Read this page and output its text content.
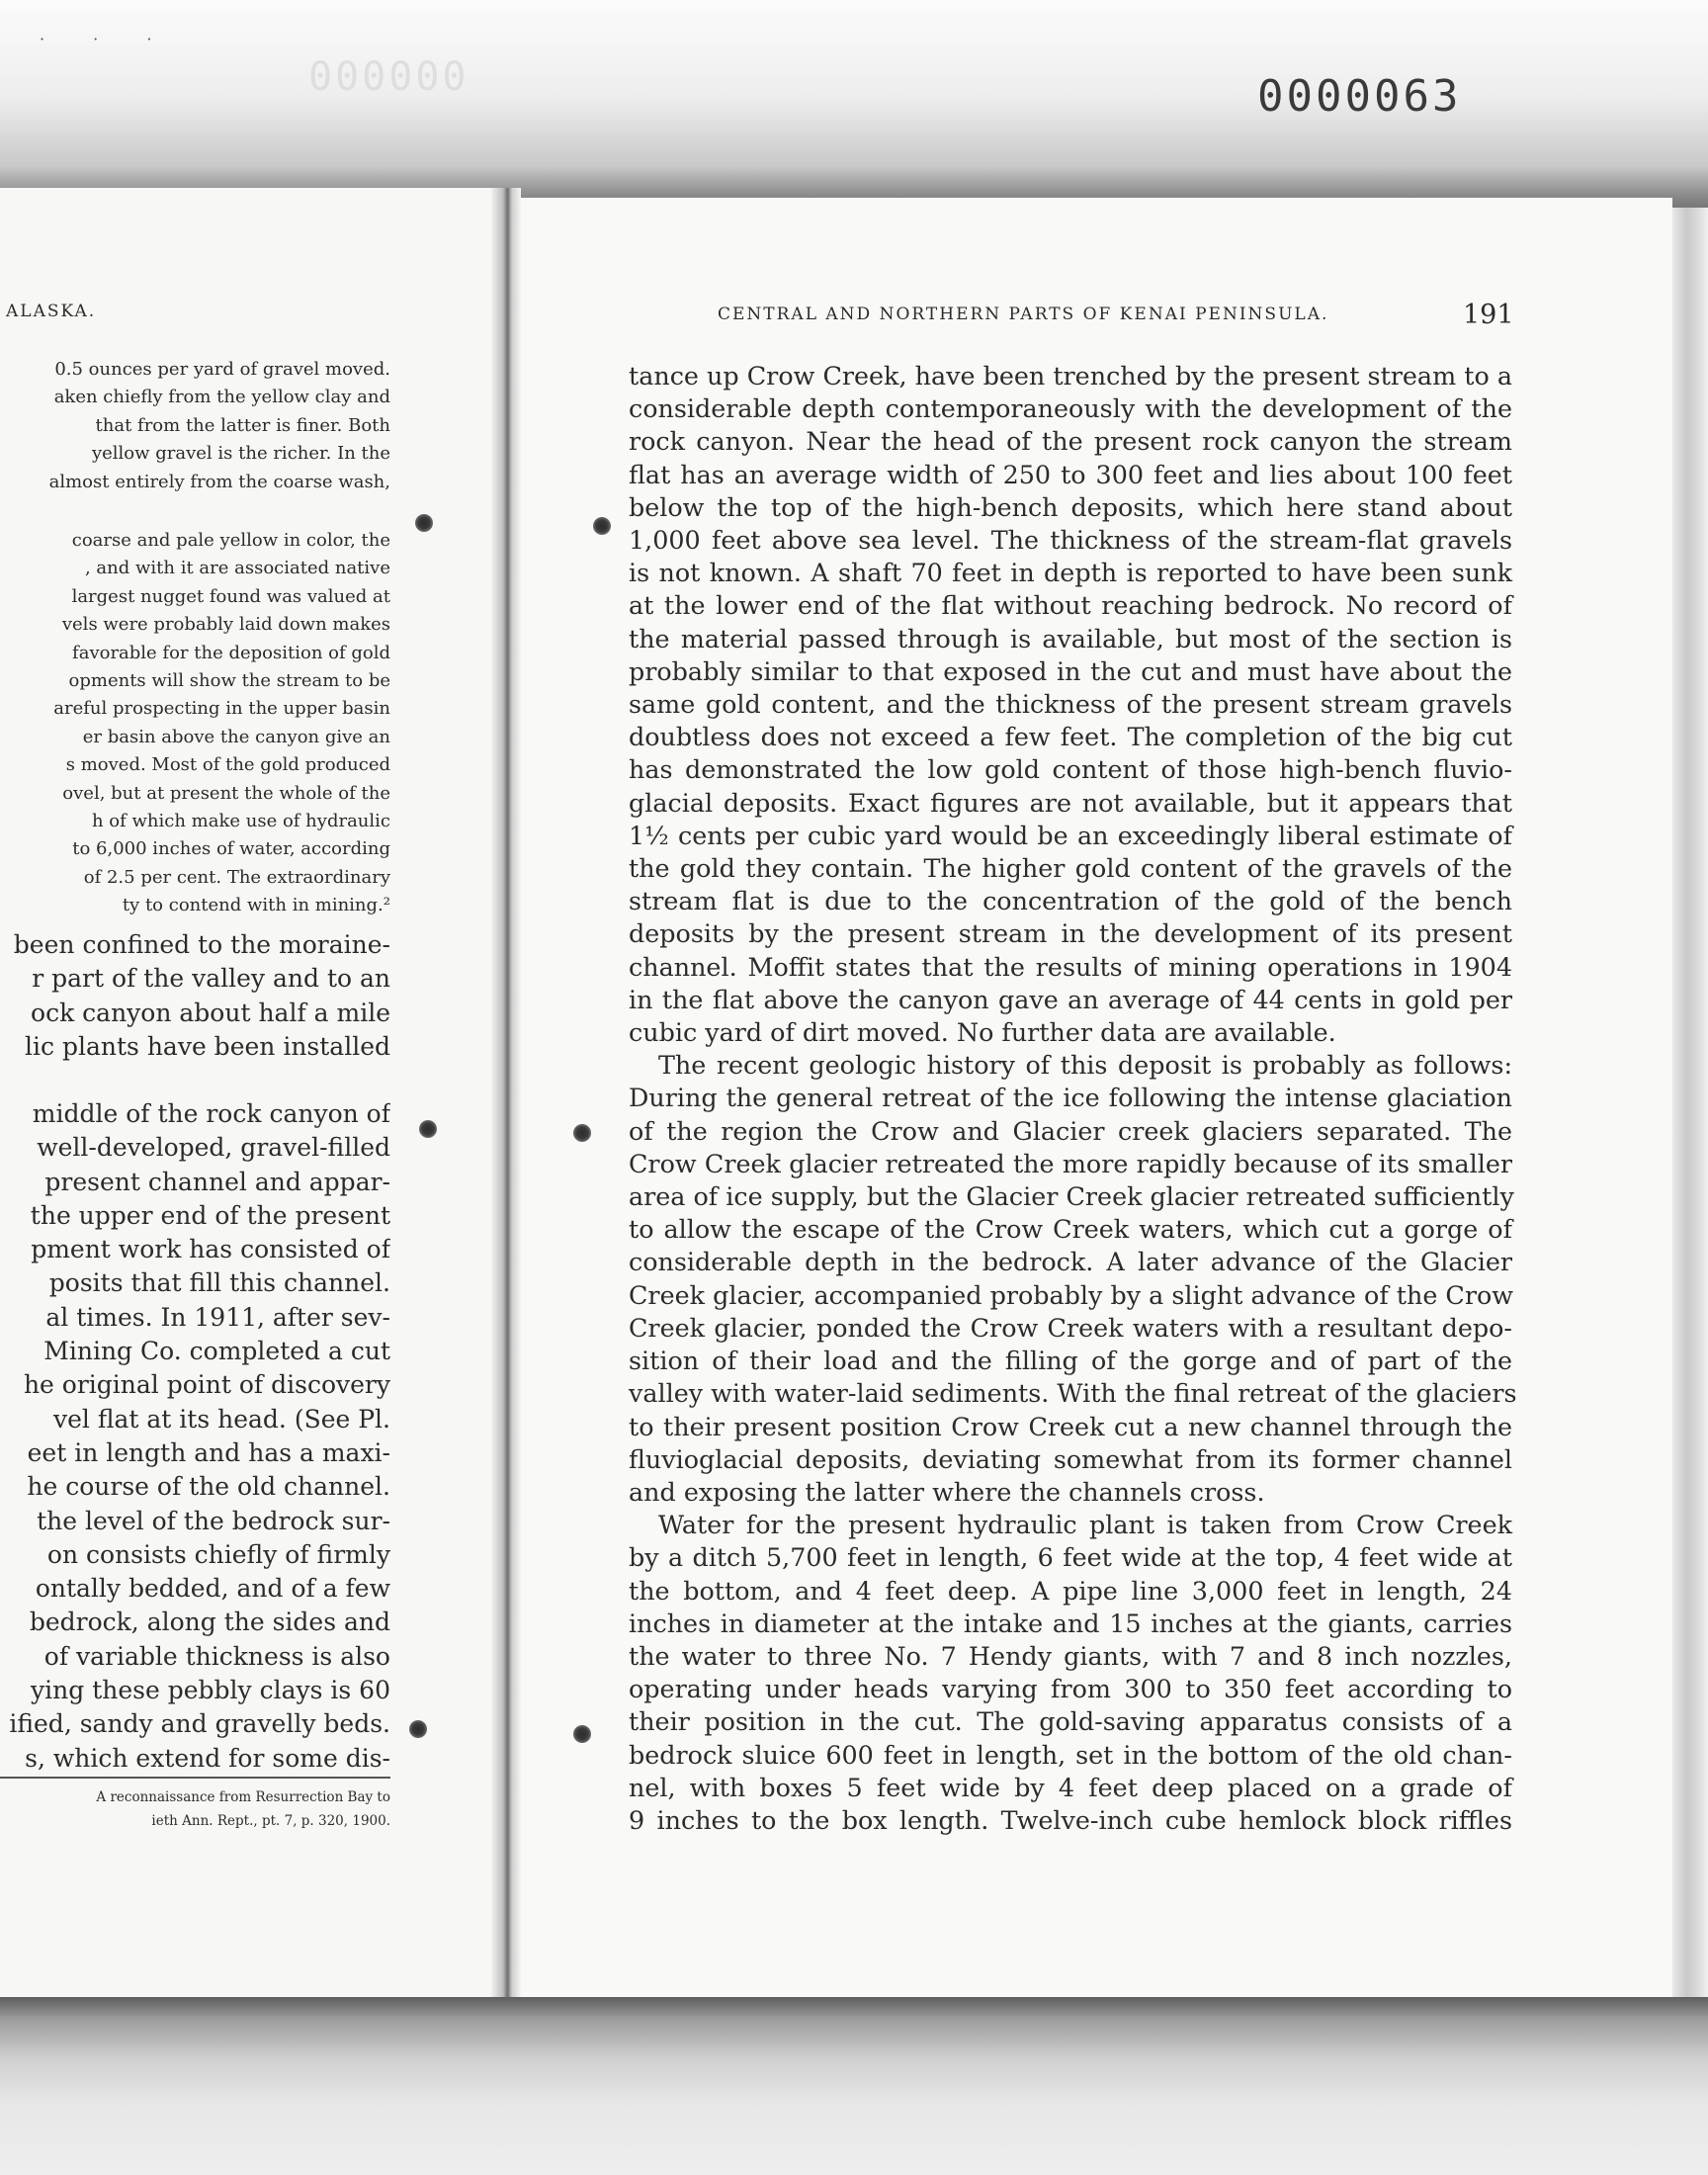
· · ·
000000	0000063
ALASKA.
0.5 ounces per yard of gravel moved.
aken chiefly from the yellow clay and
that from the latter is finer. Both
yellow gravel is the richer. In the
almost entirely from the coarse wash,
coarse and pale yellow in color, the
, and with it are associated native
largest nugget found was valued at
vels were probably laid down makes
favorable for the deposition of gold
opments will show the stream to be
areful prospecting in the upper basin
er basin above the canyon give an
s moved. Most of the gold produced
ovel, but at present the whole of the
h of which make use of hydraulic
to 6,000 inches of water, according
of 2.5 per cent. The extraordinary
ty to contend with in mining.²
been confined to the moraine-
r part of the valley and to an
ock canyon about half a mile
lic plants have been installed
middle of the rock canyon of
well-developed, gravel-filled
present channel and appar-
the upper end of the present
pment work has consisted of
posits that fill this channel.
al times. In 1911, after sev-
Mining Co. completed a cut
he original point of discovery
vel flat at its head. (See Pl.
eet in length and has a maxi-
he course of the old channel.
the level of the bedrock sur-
on consists chiefly of firmly
ontally bedded, and of a few
bedrock, along the sides and
of variable thickness is also
ying these pebbly clays is 60
ified, sandy and gravelly beds.
s, which extend for some dis-
A reconnaissance from Resurrection Bay to
ieth Ann. Rept., pt. 7, p. 320, 1900.
CENTRAL AND NORTHERN PARTS OF KENAI PENINSULA.	191

tance up Crow Creek, have been trenched by the present stream to a
considerable depth contemporaneously with the development of the
rock canyon. Near the head of the present rock canyon the stream
flat has an average width of 250 to 300 feet and lies about 100 feet
below the top of the high-bench deposits, which here stand about
1,000 feet above sea level. The thickness of the stream-flat gravels
is not known. A shaft 70 feet in depth is reported to have been sunk
at the lower end of the flat without reaching bedrock. No record of
the material passed through is available, but most of the section is
probably similar to that exposed in the cut and must have about the
same gold content, and the thickness of the present stream gravels
doubtless does not exceed a few feet. The completion of the big cut
has demonstrated the low gold content of those high-bench fluvio-
glacial deposits. Exact figures are not available, but it appears that
1½ cents per cubic yard would be an exceedingly liberal estimate of
the gold they contain. The higher gold content of the gravels of the
stream flat is due to the concentration of the gold of the bench
deposits by the present stream in the development of its present
channel. Moffit states that the results of mining operations in 1904
in the flat above the canyon gave an average of 44 cents in gold per
cubic yard of dirt moved. No further data are available.

The recent geologic history of this deposit is probably as follows:
During the general retreat of the ice following the intense glaciation
of the region the Crow and Glacier creek glaciers separated. The
Crow Creek glacier retreated the more rapidly because of its smaller
area of ice supply, but the Glacier Creek glacier retreated sufficiently
to allow the escape of the Crow Creek waters, which cut a gorge of
considerable depth in the bedrock. A later advance of the Glacier
Creek glacier, accompanied probably by a slight advance of the Crow
Creek glacier, ponded the Crow Creek waters with a resultant depo-
sition of their load and the filling of the gorge and of part of the
valley with water-laid sediments. With the final retreat of the glaciers
to their present position Crow Creek cut a new channel through the
fluvioglacial deposits, deviating somewhat from its former channel
and exposing the latter where the channels cross.

Water for the present hydraulic plant is taken from Crow Creek
by a ditch 5,700 feet in length, 6 feet wide at the top, 4 feet wide at
the bottom, and 4 feet deep. A pipe line 3,000 feet in length, 24
inches in diameter at the intake and 15 inches at the giants, carries
the water to three No. 7 Hendy giants, with 7 and 8 inch nozzles,
operating under heads varying from 300 to 350 feet according to
their position in the cut. The gold-saving apparatus consists of a
bedrock sluice 600 feet in length, set in the bottom of the old chan-
nel, with boxes 5 feet wide by 4 feet deep placed on a grade of
9 inches to the box length. Twelve-inch cube hemlock block riffles
